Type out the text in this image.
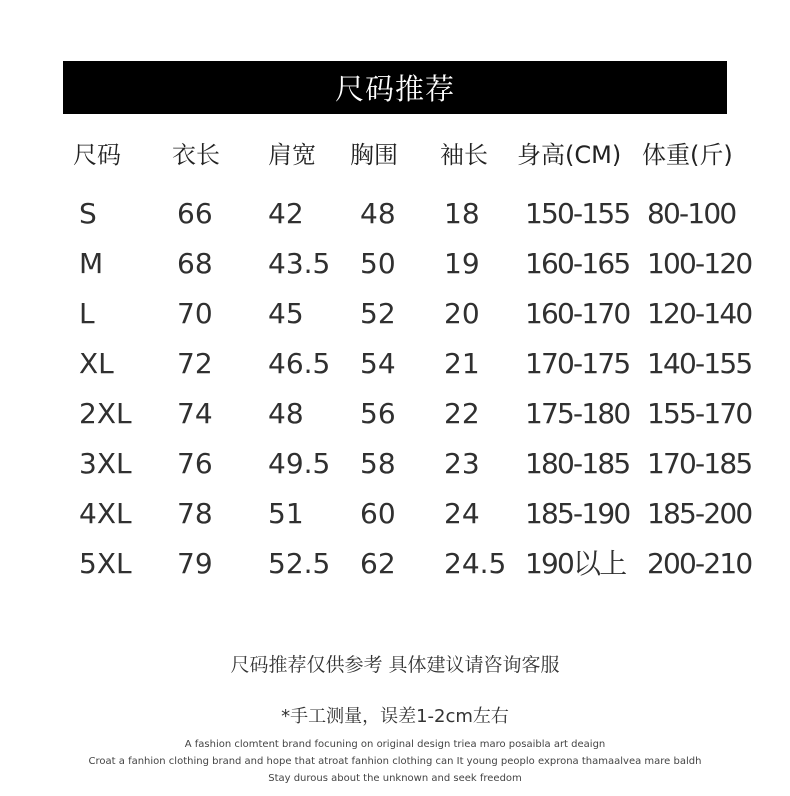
尺码推荐
尺码 衣长 肩宽 胸围 袖长 身高(CM) 体重(斤)
S	66 42 48 18 150-155 80-100
M	68 43.5 50 19 160-165 100-120
L	70 45 52 20 160-170 120-140
XL 72 46.5 54 21 170-175 140-155
2XL 74 48 56 22 175-180 155-170
3XL 76 49.5 58 23 180-185 170-185
4XL 78 51 60 24 185-190 185-200
5XL 79 52.5 62 24.5 190以上 200-210
尺码推荐仅供参考 具体建议请咨询客服
*手工测量，误差1-2cm左右
A fashion clomtent brand focuning on original design triea maro posaibla art deaign
Croat a fanhion clothing brand and hope that atroat fanhion clothing can It young peoplo exprona thamaalvea mare baldh
Stay durous about the unknown and seek freedom
